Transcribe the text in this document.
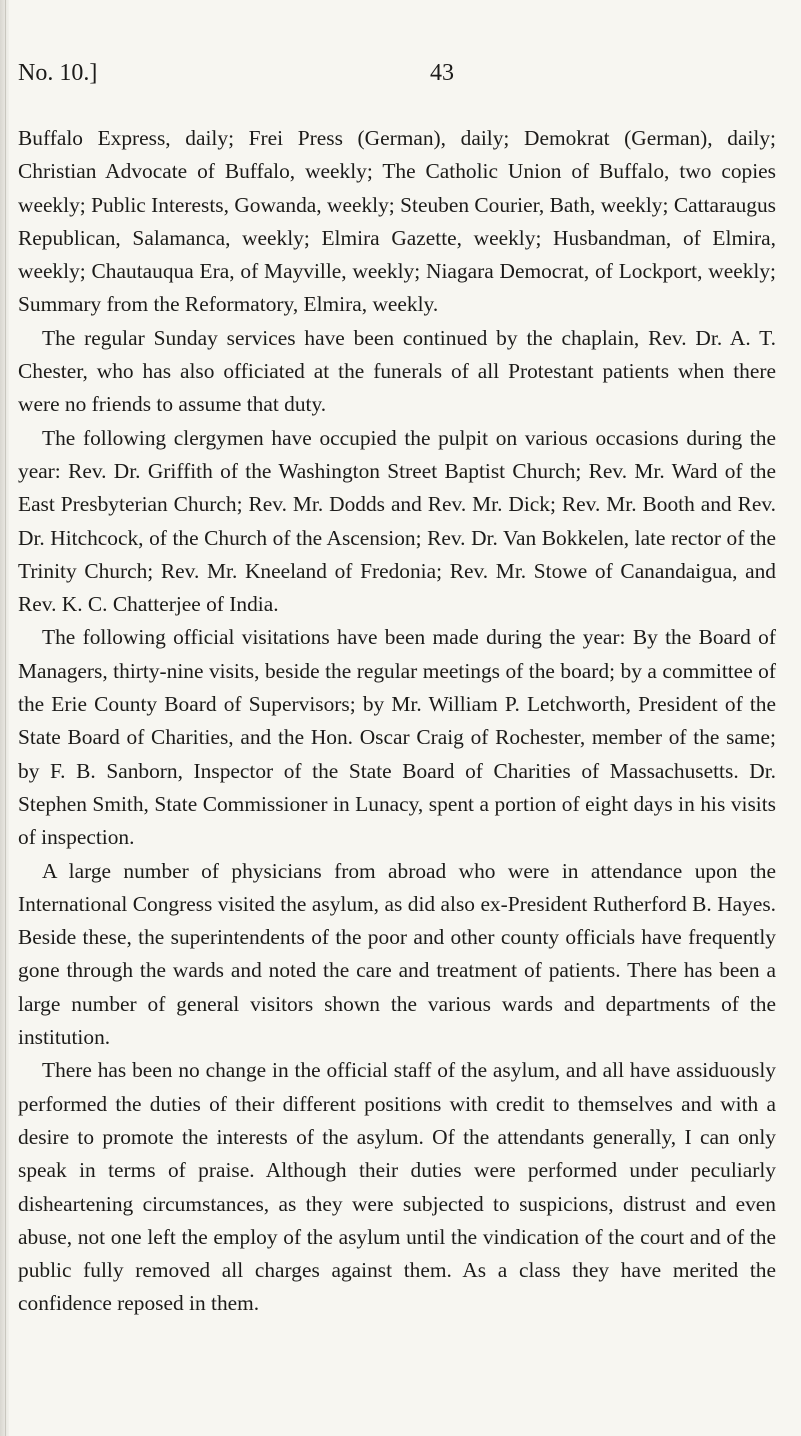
No. 10.]	43

Buffalo Express, daily; Frei Press (German), daily; Demokrat (German), daily; Christian Advocate of Buffalo, weekly; The Catholic Union of Buffalo, two copies weekly; Public Interests, Gowanda, weekly; Steuben Courier, Bath, weekly; Cattaraugus Republican, Salamanca, weekly; Elmira Gazette, weekly; Husbandman, of Elmira, weekly; Chautauqua Era, of Mayville, weekly; Niagara Democrat, of Lockport, weekly; Summary from the Reformatory, Elmira, weekly.

The regular Sunday services have been continued by the chaplain, Rev. Dr. A. T. Chester, who has also officiated at the funerals of all Protestant patients when there were no friends to assume that duty.

The following clergymen have occupied the pulpit on various occasions during the year: Rev. Dr. Griffith of the Washington Street Baptist Church; Rev. Mr. Ward of the East Presbyterian Church; Rev. Mr. Dodds and Rev. Mr. Dick; Rev. Mr. Booth and Rev. Dr. Hitchcock, of the Church of the Ascension; Rev. Dr. Van Bokkelen, late rector of the Trinity Church; Rev. Mr. Kneeland of Fredonia; Rev. Mr. Stowe of Canandaigua, and Rev. K. C. Chatterjee of India.

The following official visitations have been made during the year: By the Board of Managers, thirty-nine visits, beside the regular meetings of the board; by a committee of the Erie County Board of Supervisors; by Mr. William P. Letchworth, President of the State Board of Charities, and the Hon. Oscar Craig of Rochester, member of the same; by F. B. Sanborn, Inspector of the State Board of Charities of Massachusetts. Dr. Stephen Smith, State Commissioner in Lunacy, spent a portion of eight days in his visits of inspection.

A large number of physicians from abroad who were in attendance upon the International Congress visited the asylum, as did also ex-President Rutherford B. Hayes. Beside these, the superintendents of the poor and other county officials have frequently gone through the wards and noted the care and treatment of patients. There has been a large number of general visitors shown the various wards and departments of the institution.

There has been no change in the official staff of the asylum, and all have assiduously performed the duties of their different positions with credit to themselves and with a desire to promote the interests of the asylum. Of the attendants generally, I can only speak in terms of praise. Although their duties were performed under peculiarly disheartening circumstances, as they were subjected to suspicions, distrust and even abuse, not one left the employ of the asylum until the vindication of the court and of the public fully removed all charges against them. As a class they have merited the confidence reposed in them.
